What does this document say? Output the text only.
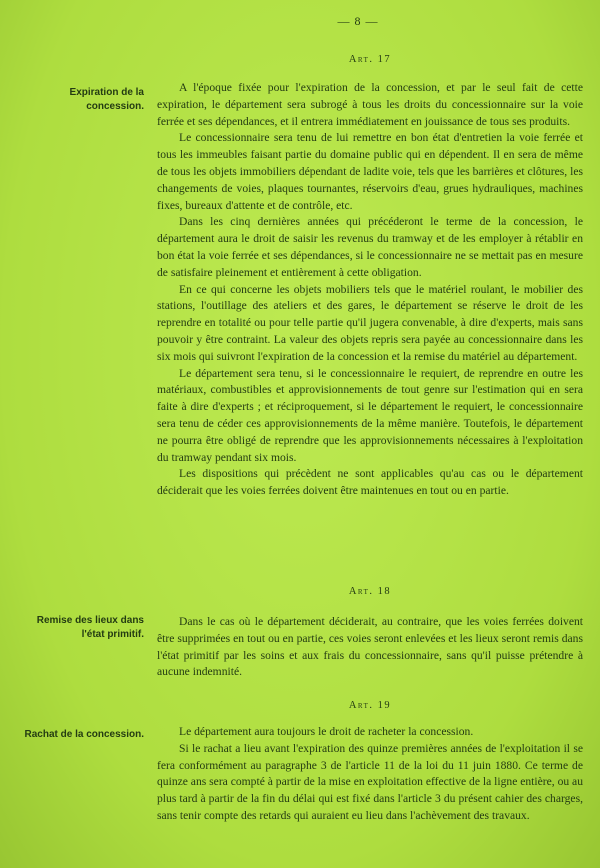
— 8 —
Art. 17
Expiration de la
concession.

A l'époque fixée pour l'expiration de la concession, et par le seul fait de cette expiration, le département sera subrogé à tous les droits du concessionnaire sur la voie ferrée et ses dépendances, et il entrera immédiatement en jouissance de tous ses produits.

Le concessionnaire sera tenu de lui remettre en bon état d'entretien la voie ferrée et tous les immeubles faisant partie du domaine public qui en dépendent. Il en sera de même de tous les objets immobiliers dépendant de ladite voie, tels que les barrières et clôtures, les changements de voies, plaques tournantes, réservoirs d'eau, grues hydrauliques, machines fixes, bureaux d'attente et de contrôle, etc.

Dans les cinq dernières années qui précéderont le terme de la concession, le département aura le droit de saisir les revenus du tramway et de les employer à rétablir en bon état la voie ferrée et ses dépendances, si le concessionnaire ne se mettait pas en mesure de satisfaire pleinement et entièrement à cette obligation.

En ce qui concerne les objets mobiliers tels que le matériel roulant, le mobilier des stations, l'outillage des ateliers et des gares, le département se réserve le droit de les reprendre en totalité ou pour telle partie qu'il jugera convenable, à dire d'experts, mais sans pouvoir y être contraint. La valeur des objets repris sera payée au concessionnaire dans les six mois qui suivront l'expiration de la concession et la remise du matériel au département.

Le département sera tenu, si le concessionnaire le requiert, de reprendre en outre les matériaux, combustibles et approvisionnements de tout genre sur l'estimation qui en sera faite à dire d'experts ; et réciproquement, si le département le requiert, le concessionnaire sera tenu de céder ces approvisionnements de la même manière. Toutefois, le département ne pourra être obligé de reprendre que les approvisionnements nécessaires à l'exploitation du tramway pendant six mois.

Les dispositions qui précèdent ne sont applicables qu'au cas ou le département déciderait que les voies ferrées doivent être maintenues en tout ou en partie.

Art. 18
Remise des lieux dans
l'état primitif.

Dans le cas où le département déciderait, au contraire, que les voies ferrées doivent être supprimées en tout ou en partie, ces voies seront enlevées et les lieux seront remis dans l'état primitif par les soins et aux frais du concessionnaire, sans qu'il puisse prétendre à aucune indemnité.

Art. 19
Rachat de la concession.	Le département aura toujours le droit de racheter la concession.

Si le rachat a lieu avant l'expiration des quinze premières années de l'exploitation il se fera conformément au paragraphe 3 de l'article 11 de la loi du 11 juin 1880. Ce terme de quinze ans sera compté à partir de la mise en exploitation effective de la ligne entière, ou au plus tard à partir de la fin du délai qui est fixé dans l'article 3 du présent cahier des charges, sans tenir compte des retards qui auraient eu lieu dans l'achèvement des travaux.
